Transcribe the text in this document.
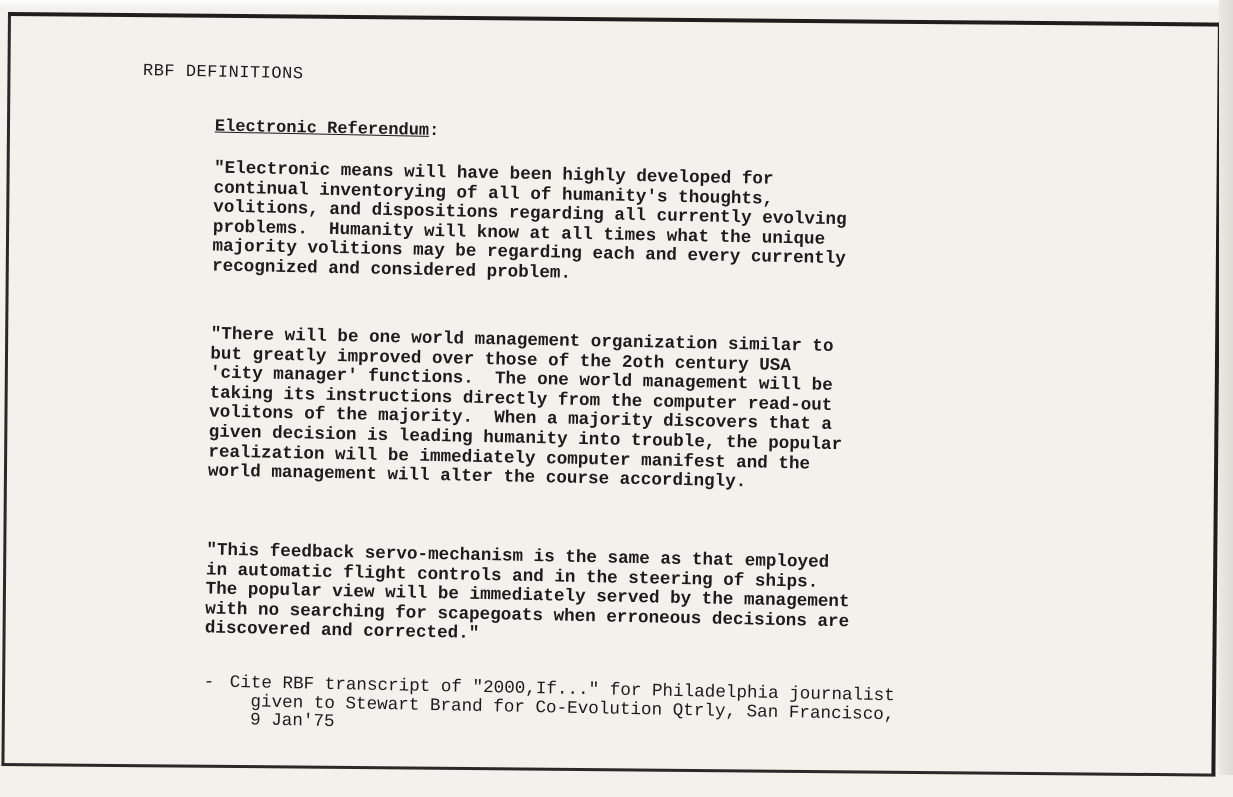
RBF DEFINITIONS
Electronic Referendum:

"Electronic means will have been highly developed for
continual inventorying of all of humanity's thoughts,
volitions, and dispositions regarding all currently evolving
problems.  Humanity will know at all times what the unique
majority volitions may be regarding each and every currently
recognized and considered problem.

"There will be one world management organization similar to
but greatly improved over those of the 2oth century USA
'city manager' functions.  The one world management will be
taking its instructions directly from the computer read-out
volitons of the majority.  When a majority discovers that a
given decision is leading humanity into trouble, the popular
realization will be immediately computer manifest and the
world management will alter the course accordingly.

"This feedback servo-mechanism is the same as that employed
in automatic flight controls and in the steering of ships.
The popular view will be immediately served by the management
with no searching for scapegoats when erroneous decisions are
discovered and corrected."

-

Cite RBF transcript of "2000,If..." for Philadelphia journalist
given to Stewart Brand for Co-Evolution Qtrly, San Francisco,
9 Jan'75
